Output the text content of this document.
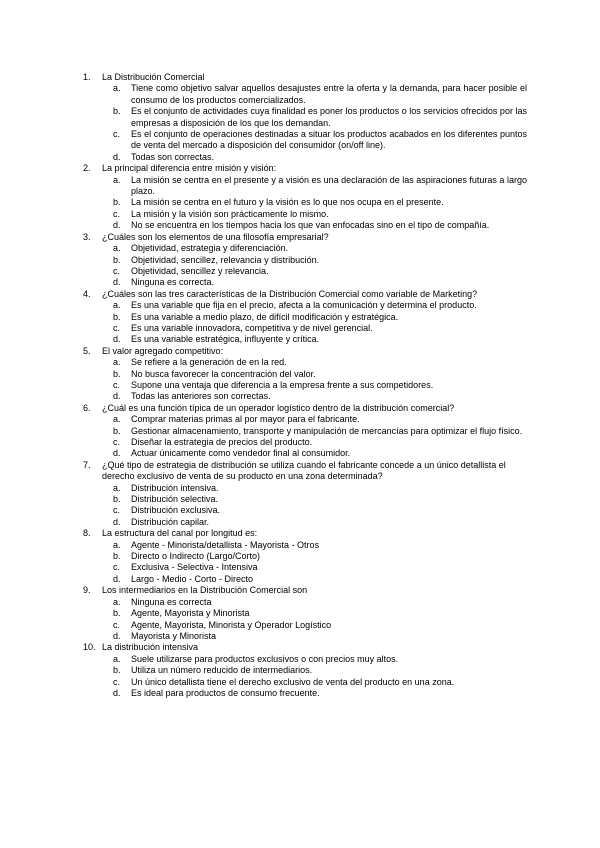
1.	La Distribución Comercial
a.	Tiene como objetivo salvar aquellos desajustes entre la oferta y la demanda, para hacer posible el consumo de los productos comercializados.
b.	Es el conjunto de actividades cuya finalidad es poner los productos o los servicios ofrecidos por las empresas a disposición de los que los demandan.
c.	Es el conjunto de operaciones destinadas a situar los productos acabados en los diferentes puntos de venta del mercado a disposición del consumidor (on/off line).
d.	Todas son correctas.
2.	La principal diferencia entre misión y visión:
a.	La misión se centra en el presente y a visión es una declaración de las aspiraciones futuras a largo plazo.
b.	La misión se centra en el futuro y la visión es lo que nos ocupa en el presente.
c.	La misión y la visión son prácticamente lo mismo.
d.	No se encuentra en los tiempos hacia los que van enfocadas sino en el tipo de compañía.
3.	¿Cuáles son los elementos de una filosofía empresarial?
a.	Objetividad, estrategia y diferenciación.
b.	Objetividad, sencillez, relevancia y distribución.
c.	Objetividad, sencillez y relevancia.
d.	Ninguna es correcta.
4.	¿Cuáles son las tres características de la Distribución Comercial como variable de Marketing?
a.	Es una variable que fija en el precio, afecta a la comunicación y determina el producto.
b.	Es una variable a medio plazo, de difícil modificación y estratégica.
c.	Es una variable innovadora, competitiva y de nivel gerencial.
d.	Es una variable estratégica, influyente y crítica.
5.	El valor agregado competitivo:
a.	Se refiere a la generación de en la red.
b.	No busca favorecer la concentración del valor.
c.	Supone una ventaja que diferencia a la empresa frente a sus competidores.
d.	Todas las anteriores son correctas.
6.	¿Cuál es una función típica de un operador logístico dentro de la distribución comercial?
a.	Comprar materias primas al por mayor para el fabricante.
b.	Gestionar almacenamiento, transporte y manipulación de mercancías para optimizar el flujo físico.
c.	Diseñar la estrategia de precios del producto.
d.	Actuar únicamente como vendedor final al consumidor.
7.	¿Qué tipo de estrategia de distribución se utiliza cuando el fabricante concede a un único detallista el derecho exclusivo de venta de su producto en una zona determinada?
a.	Distribución intensiva.
b.	Distribución selectiva.
c.	Distribución exclusiva.
d.	Distribución capilar.
8.	La estructura del canal por longitud es:
a.	Agente - Minorista/detallista - Mayorista - Otros
b.	Directo o Indirecto (Largo/Corto)
c.	Exclusiva - Selectiva - Intensiva
d.	Largo - Medio - Corto - Directo
9.	Los intermediarios en la Distribución Comercial son
a.	Ninguna es correcta
b.	Agente, Mayorista y Minorista
c.	Agente, Mayorista, Minorista y Operador Logístico
d.	Mayorista y Minorista
10. La distribución intensiva
a.	Suele utilizarse para productos exclusivos o con precios muy altos.
b.	Utiliza un número reducido de intermediarios.
c.	Un único detallista tiene el derecho exclusivo de venta del producto en una zona.
d.	Es ideal para productos de consumo frecuente.
